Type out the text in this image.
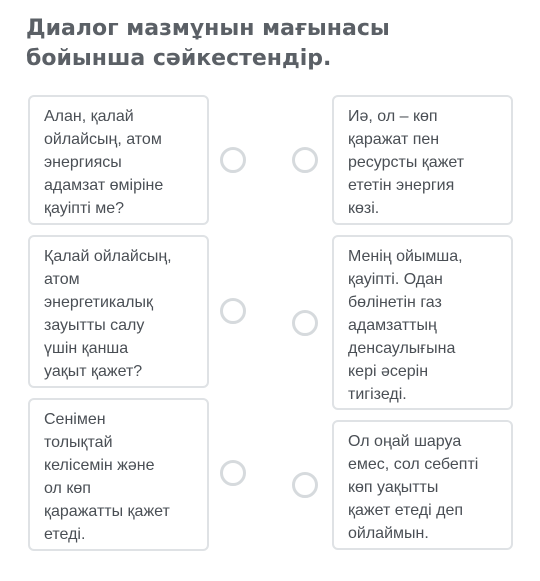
Диалог мазмұнын мағынасы бойынша сәйкестендір.
Алан, қалай
ойлайсың, атом
энергиясы
адамзат өміріне
қауіпті ме?
Қалай ойлайсың,
атом
энергетикалық
зауытты салу
үшін қанша
уақыт қажет?
Сенімен
толықтай
келісемін және
ол көп
қаражатты қажет
етеді.
Иә, ол – көп
қаражат пен
ресурсты қажет
ететін энергия
көзі.
Менің ойымша,
қауіпті. Одан
бөлінетін газ
адамзаттың
денсаулығына
кері әсерін
тигізеді.
Ол оңай шаруа
емес, сол себепті
көп уақытты
қажет етеді деп
ойлаймын.
